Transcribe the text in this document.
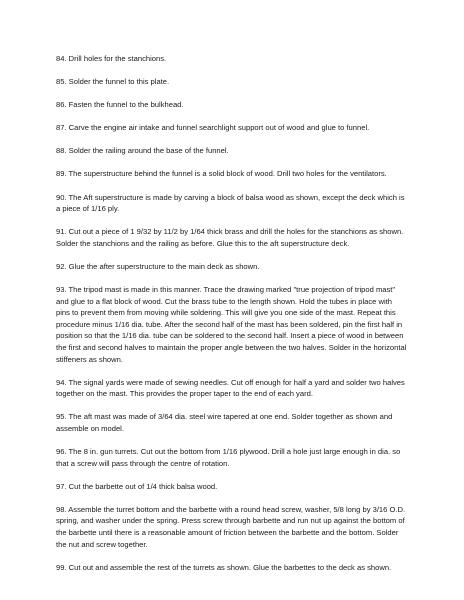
84. Drill holes for the stanchions.

85. Solder the funnel to this plate.

86. Fasten the funnel to the bulkhead.

87. Carve the engine air intake and funnel searchlight support out of wood and glue to funnel.

88. Solder the railing around the base of the funnel.

89. The superstructure behind the funnel is a solid block of wood. Drill two holes for the ventilators.

90. The Aft superstructure is made by carving a block of balsa wood as shown, except the deck which is a piece of 1/16 ply.

91. Cut out a piece of 1 9/32 by 11/2 by 1/64 thick brass and drill the holes for the stanchions as shown. Solder the stanchions and the railing as before. Glue this to the aft superstructure deck.

92. Glue the after superstructure to the main deck as shown.

93. The tripod mast is made in this manner. Trace the drawing marked "true projection of tripod mast" and glue to a flat block of wood. Cut the brass tube to the length shown. Hold the tubes in place with pins to prevent them from moving while soldering. This will give you one side of the mast. Repeat this procedure minus 1/16 dia. tube. After the second half of the mast has been soldered, pin the first half in position so that the 1/16 dia. tube can be soldered to the second half. Insert a piece of wood in between the first and second halves to maintain the proper angle between the two halves. Solder in the horizontal stiffeners as shown.

94. The signal yards were made of sewing needles. Cut off enough for half a yard and solder two halves together on the mast. This provides the proper taper to the end of each yard.

95. The aft mast was made of 3/64 dia. steel wire tapered at one end. Solder together as shown and assemble on model.

96. The 8 in. gun turrets. Cut out the bottom from 1/16 plywood. Drill a hole just large enough in dia. so that a screw will pass through the centre of rotation.

97. Cut the barbette out of 1/4 thick balsa wood.

98. Assemble the turret bottom and the barbette with a round head screw, washer, 5/8 long by 3/16 O.D. spring, and washer under the spring. Press screw through barbette and run nut up against the bottom of the barbette until there is a reasonable amount of friction between the barbette and the bottom. Solder the nut and screw together.

99. Cut out and assemble the rest of the turrets as shown. Glue the barbettes to the deck as shown.
